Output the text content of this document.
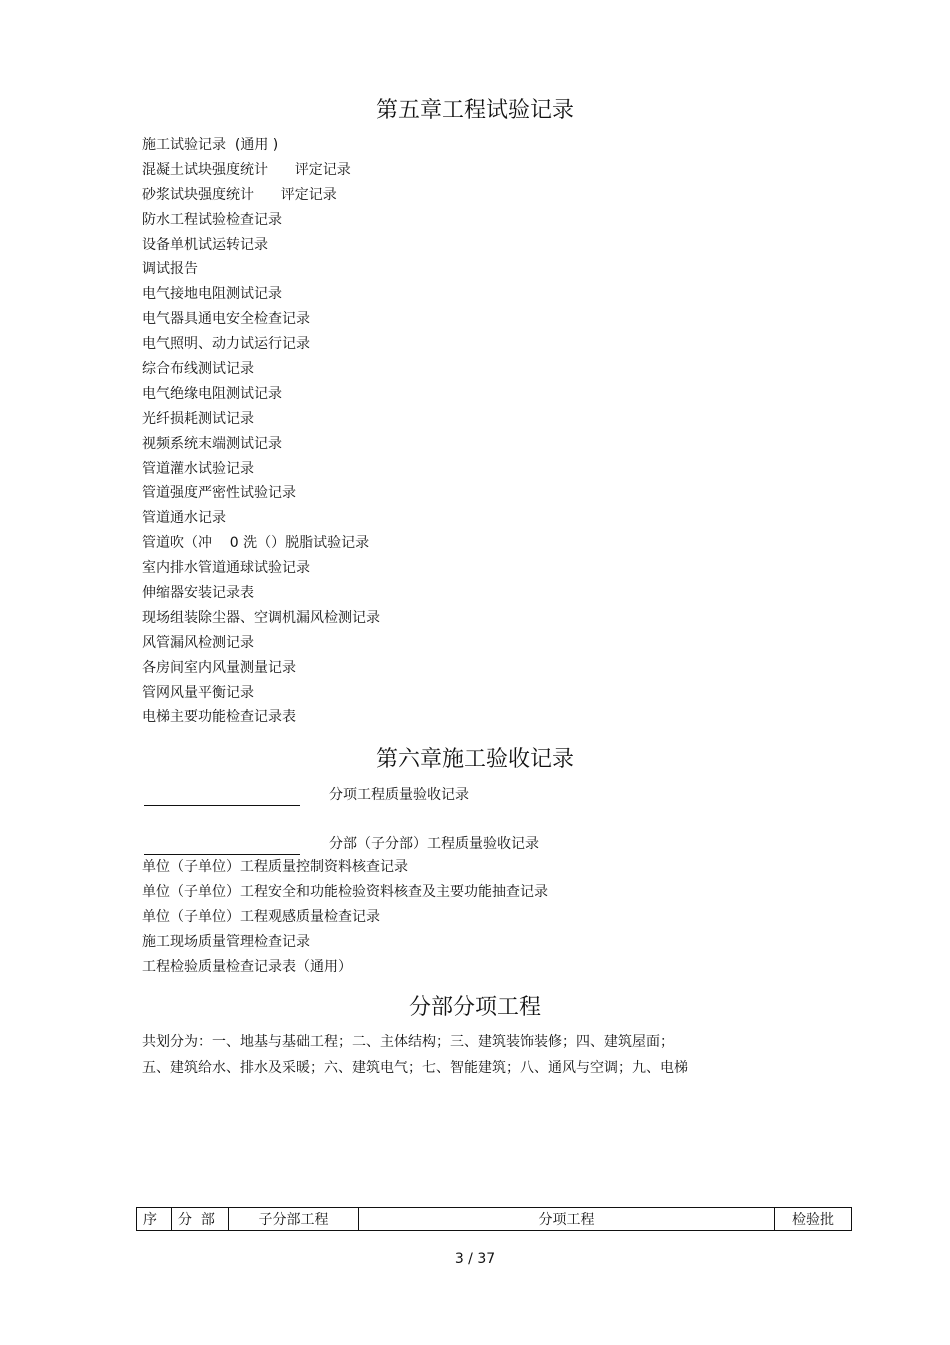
第五章工程试验记录
施工试验记录  (通用 )
混凝土试块强度统计      评定记录
砂浆试块强度统计      评定记录
防水工程试验检查记录
设备单机试运转记录
调试报告
电气接地电阻测试记录
电气器具通电安全检查记录
电气照明、动力试运行记录
综合布线测试记录
电气绝缘电阻测试记录
光纤损耗测试记录
视频系统末端测试记录
管道灌水试验记录
管道强度严密性试验记录
管道通水记录
管道吹（冲    0 洗（）脱脂试验记录
室内排水管道通球试验记录
伸缩器安装记录表
现场组装除尘器、空调机漏风检测记录
风管漏风检测记录
各房间室内风量测量记录
管网风量平衡记录
电梯主要功能检查记录表
第六章施工验收记录
分项工程质量验收记录
分部（子分部）工程质量验收记录
单位（子单位）工程质量控制资料核查记录
单位（子单位）工程安全和功能检验资料核查及主要功能抽查记录
单位（子单位）工程观感质量检查记录
施工现场质量管理检查记录
工程检验质量检查记录表（通用）
分部分项工程

共划分为：一、地基与基础工程；二、主体结构；三、建筑装饰装修；四、建筑屋面；

五、建筑给水、排水及采暖；六、建筑电气；七、智能建筑；八、通风与空调；九、电梯

序	分  部	子分部工程	分项工程	检验批
3 / 37
